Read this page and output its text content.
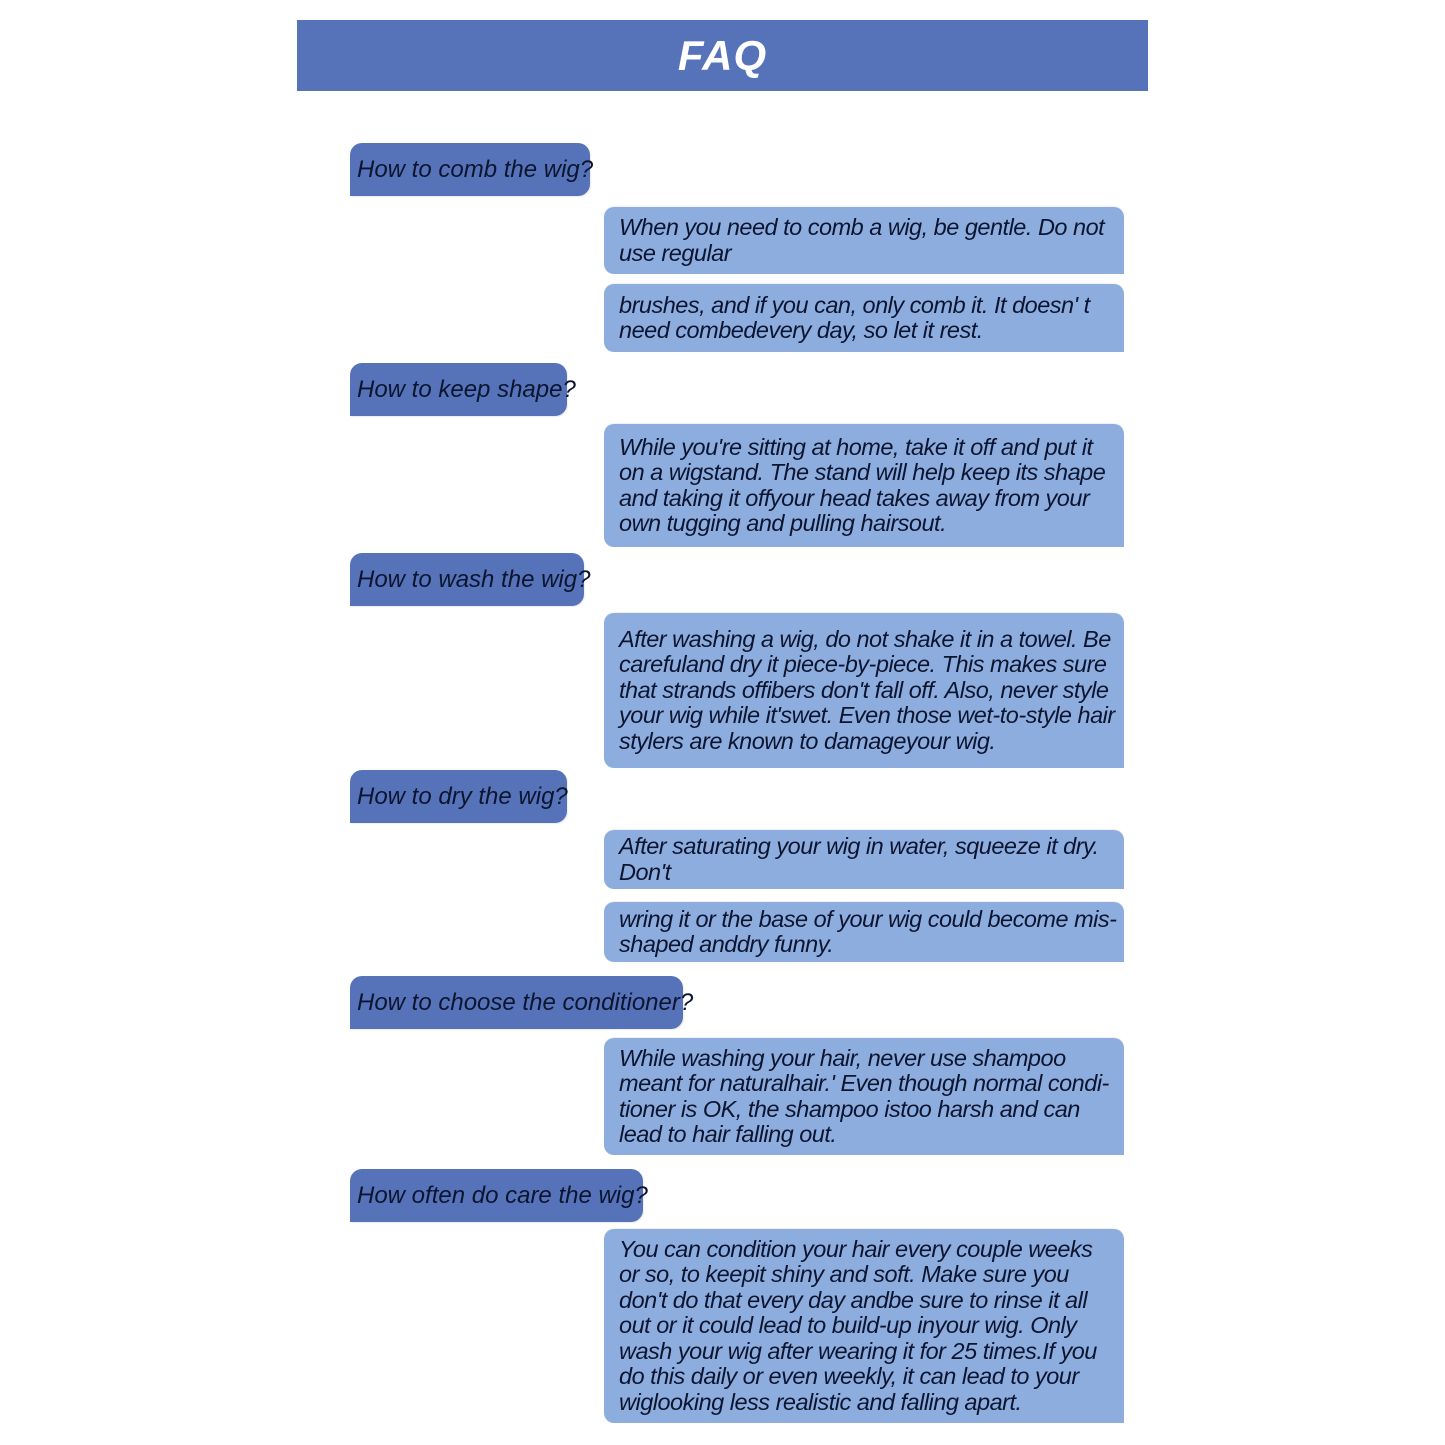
FAQ
How to comb the wig?
When you need to comb a wig, be gentle. Do not use regular
brushes, and if you can, only comb it. It doesn' t need combedevery day, so let it rest.
How to keep shape?
While you're sitting at home, take it off and put it on a wigstand. The stand will help keep its shape and taking it offyour head takes away from your own tugging and pulling hairsout.
How to wash the wig?
After washing a wig, do not shake it in a towel. Be carefuland dry it piece-by-piece. This makes sure that strands offibers don't fall off. Also, never style your wig while it'swet. Even those wet-to-style hair stylers are known to damageyour wig.
How to dry the wig?
After saturating your wig in water, squeeze it dry. Don't
wring it or the base of your wig could become mis-shaped anddry funny.
How to choose the conditioner?
While washing your hair, never use shampoo meant for naturalhair.' Even though normal condi-tioner is OK, the shampoo istoo harsh and can lead to hair falling out.
How often do care the wig?
You can condition your hair every couple weeks or so, to keepit shiny and soft. Make sure you don't do that every day andbe sure to rinse it all out or it could lead to build-up inyour wig. Only wash your wig after wearing it for 25 times.If you do this daily or even weekly, it can lead to your wiglooking less realistic and falling apart.
